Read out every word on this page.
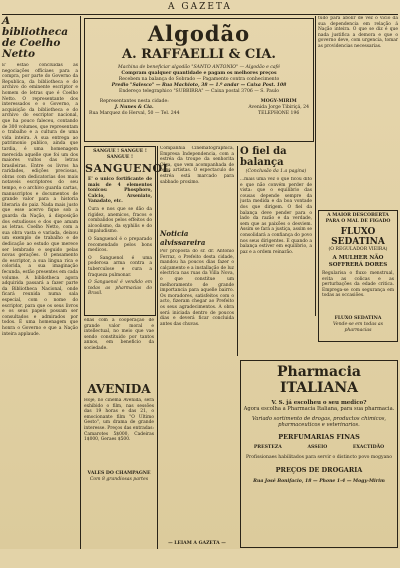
A GAZETA
A bibliotheca de Coelho Netto
E' estão concluidas as negociações officiaes para a compra, por parte do Governo da Republica, da bibliotheca e do archivo do eminente escriptor e homem de letras que é Coelho Netto. O representante dos interessados e o Governo, a acquisição da bibliotheca e do archivo do escriptor nacional, que ha pouco faleceu, contando de 300 volumes, que representam o trabalho e a cultura de uma vida inteira. A sua entrega ao patrimonio publico, ainda que tardia, é uma homenagem merecida aquelle que foi um dos maiores vultos das letras brasileiras. Entre os livros ha raridades, edições preciosas, obras com dedicatorias dos mais notaveis escriptores do seu tempo, e o archivo guarda cartas, manuscriptos e documentos de grande valor para a historia literaria do paiz. Nada mais justo que esse acervo fique sob a guarda da Nação, á disposição dos estudiosos e dos que amam as letras. Coelho Netto, com a sua obra vasta e variada, deixou um exemplo de trabalho e de dedicação ao estudo que merece ser lembrado e seguido pelas novas gerações. O pensamento do escriptor, a sua lingua rica e colorida, a sua imaginação fecunda, estão presentes em cada volume. A bibliotheca agora adquirida passará a fazer parte da Bibliotheca Nacional, onde ficará reunida numa sala especial, com o nome do escriptor, para que os seus livros e os seus papeis possam ser consultados e admirados por todos. É uma homenagem que honra o Governo e que a Nação inteira applaude.
Algodão
A. RAFFAELLI & CIA.
Machina de beneficiar algodão "SANTO ANTONIO" — Algodão e café
Compram qualquer quantidade e pagam os melhores preços
Recebem na balança do Sobrado — Pagamento contra conhecimento
Predio "Salesco" — Rua Machioto, 38 — 1.º andar — Caixa Post. 108
Endereço telegraphico "SUBBIRRA" — Caixa postal 3706 — S. Paulo
Representantes nesta cidade:
J. Nunes & Cia.
Rua Marquez do Herval, 50 — Tel. 244
MOGY-MIRIM
Avenida Jorge Tibiriçá, 24
TELEPHONE 196
tudo para abolir de vez o vicio da sua dependencia em relação á Nação inteira. O que se diz é que nada justifica a demora e que o governo deve, com urgencia, tomar as providencias necessarias.
SANGUE ! SANGUE ! SANGUE !
SANGUENOL
E' o unico fortificante de mais de 4 elementos tonicos: Phosphoro, Calcio, Arseniato, Vanadato, etc.
Cura e nos que se dão da rigidez, anemicos, fracos e combalidos pelos effeitos do alcoolismo, da syphilis e do impaludismo.
O Sanguenol é o preparado recomendado pelos bons medicos.
O Sanguenol é uma poderosa arma contra a tuberculose e cura a fraqueza pulmonar.
O Sanguenol é vendido em todas as pharmacias do Brasil.
ellas com a cooperação de grande valor moral e intellectual, no meio que vae sendo constituido por tantos annos, em beneficio da sociedade.
AVENIDA
Hoje, no cinema Avenida, será exhibido o film, nas sessões das 19 horas e das 21, o emocionante film "O Ultimo Gesto", um drama de grande interesse. Preços das entradas: Camarotes 5$000, Cadeiras 1$000, Geraes $500.
VALES DO CHAMPAGNE
Com 8 grandiosas partes
Companhia Cinematographica, Empresa Independencia, com a estréa da troupe da senhorita Olga, que vem acompanhada de bons artistas. O espectaculo de estréa está marcado para sabbado proximo.
Noticia alvissareira
Por proposta do sr. dr. Antonio Ferraz, o Prefeito desta cidade, mandou ha poucos dias fazer o calçamento e a installação de luz electrica nas ruas da Villa Nova, o que constitue um melhoramento de grande importancia para aquelle bairro. Os moradores, satisfeitos com o acto, fizeram chegar ao Prefeito os seus agradecimentos. A obra será iniciada dentro de poucos dias e deverá ficar concluida antes das chuvas.
— LEIAM A GAZETA —
O fiel da balança
(Conclusão da 1.a pagina)
...mais uma vez o que ficou dito e que não convém perder de vista: que o equilibrio das cousas depende sempre da justa medida e da boa vontade dos que dirigem. O fiel da balança deve pender para o lado da razão e da verdade, sem que as paixões o desviem. Assim se fará a justiça, assim se consolidará a confiança do povo nos seus dirigentes. E quando a balança estiver em equilibrio, a paz e a ordem reinarão.
A MAIOR DESCOBERTA
PARA O MAL DE FIGADO
FLUXO SEDATINA
(O REGULADOR VIEIRA)
A MULHER NÃO SOFFRERÁ DORES
Regularisa o fluxo menstrual, evita as colicas e as perturbações da edade critica. Emprega-se com segurança em todas as occasiões.
FLUXO SEDATINA
Vende-se em todas as pharmacias
Pharmacia ITALIANA
V. S. já escolheu o seu medico?
Agora escolha a Pharmacia Italiana, para sua pharmacia.
Variado sortimento de drogas, productos chimicos, pharmaceuticos e veterinarios.
PERFUMARIAS FINAS
PRESTEZA	ASSEIO	EXACTIDÃO
Profissionaes habilitados para servir o distincto povo mogyano
PREÇOS DE DROGARIA
Rua José Bonifacio, 18 — Phone 1-4 — Mogy-Mirim
